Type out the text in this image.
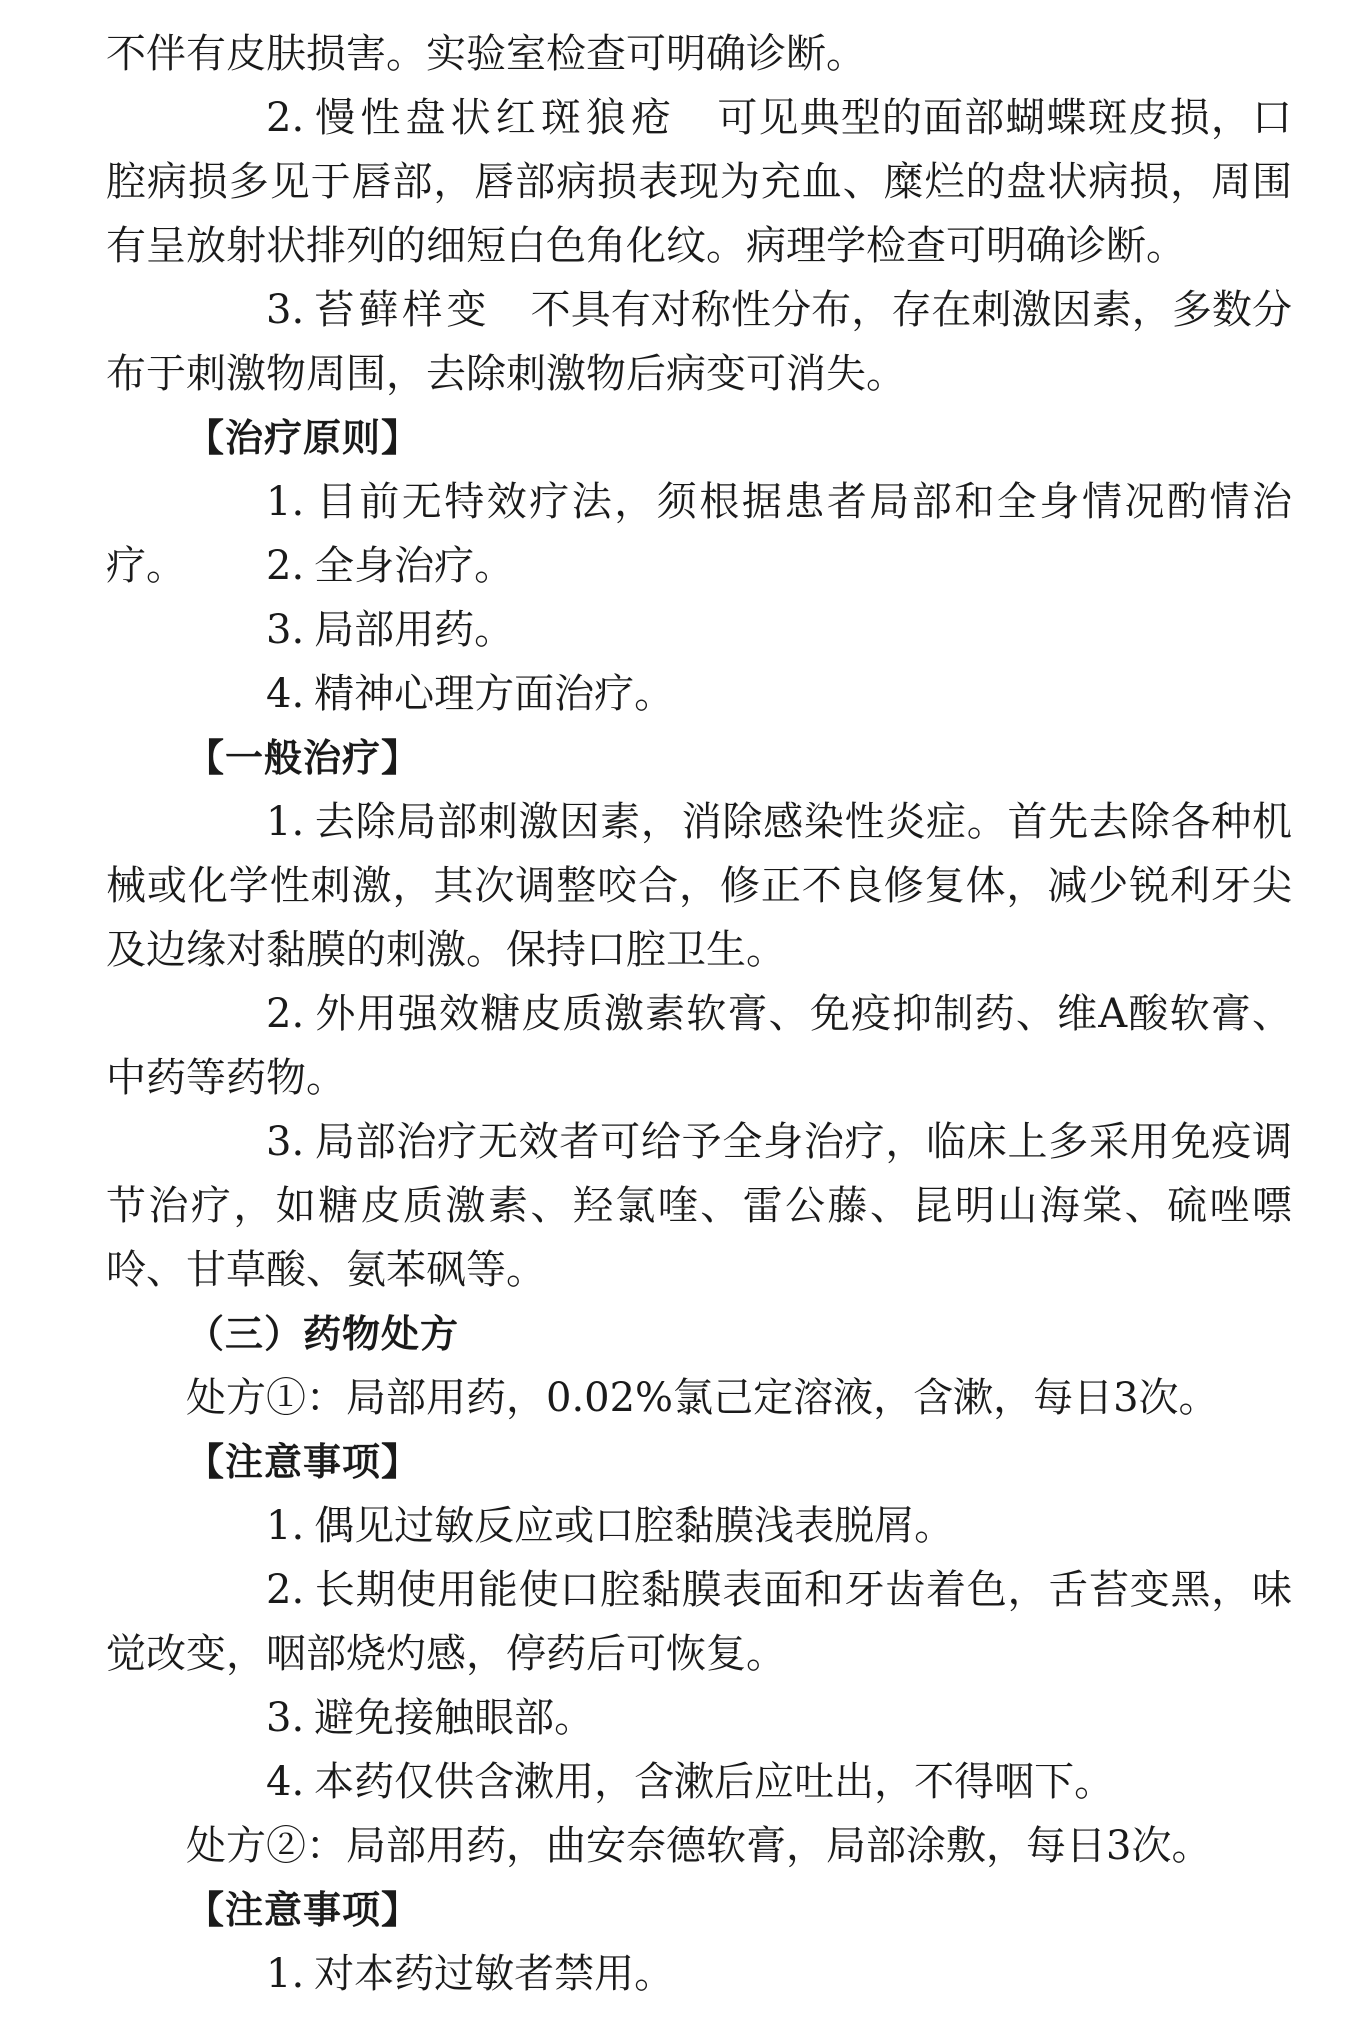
不伴有皮肤损害。实验室检查可明确诊断。

2. 慢性盘状红斑狼疮 可见典型的面部蝴蝶斑皮损，口腔病损多见于唇部，唇部病损表现为充血、糜烂的盘状病损，周围有呈放射状排列的细短白色角化纹。病理学检查可明确诊断。

3. 苔藓样变 不具有对称性分布，存在刺激因素，多数分布于刺激物周围，去除刺激物后病变可消失。

【治疗原则】

1. 目前无特效疗法，须根据患者局部和全身情况酌情治疗。	2. 全身治疗。

3. 局部用药。

4. 精神心理方面治疗。

【一般治疗】

1. 去除局部刺激因素，消除感染性炎症。首先去除各种机械或化学性刺激，其次调整咬合，修正不良修复体，减少锐利牙尖及边缘对黏膜的刺激。保持口腔卫生。

2. 外用强效糖皮质激素软膏、免疫抑制药、维A酸软膏、中药等药物。

3. 局部治疗无效者可给予全身治疗，临床上多采用免疫调节治疗，如糖皮质激素、羟氯喹、雷公藤、昆明山海棠、硫唑嘌呤、甘草酸、氨苯砜等。

（三）药物处方

处方①：局部用药，0.02%氯己定溶液，含漱，每日3次。

【注意事项】

1. 偶见过敏反应或口腔黏膜浅表脱屑。

2. 长期使用能使口腔黏膜表面和牙齿着色，舌苔变黑，味觉改变，咽部烧灼感，停药后可恢复。

3. 避免接触眼部。

4. 本药仅供含漱用，含漱后应吐出，不得咽下。

处方②：局部用药，曲安奈德软膏，局部涂敷，每日3次。

【注意事项】

1. 对本药过敏者禁用。
